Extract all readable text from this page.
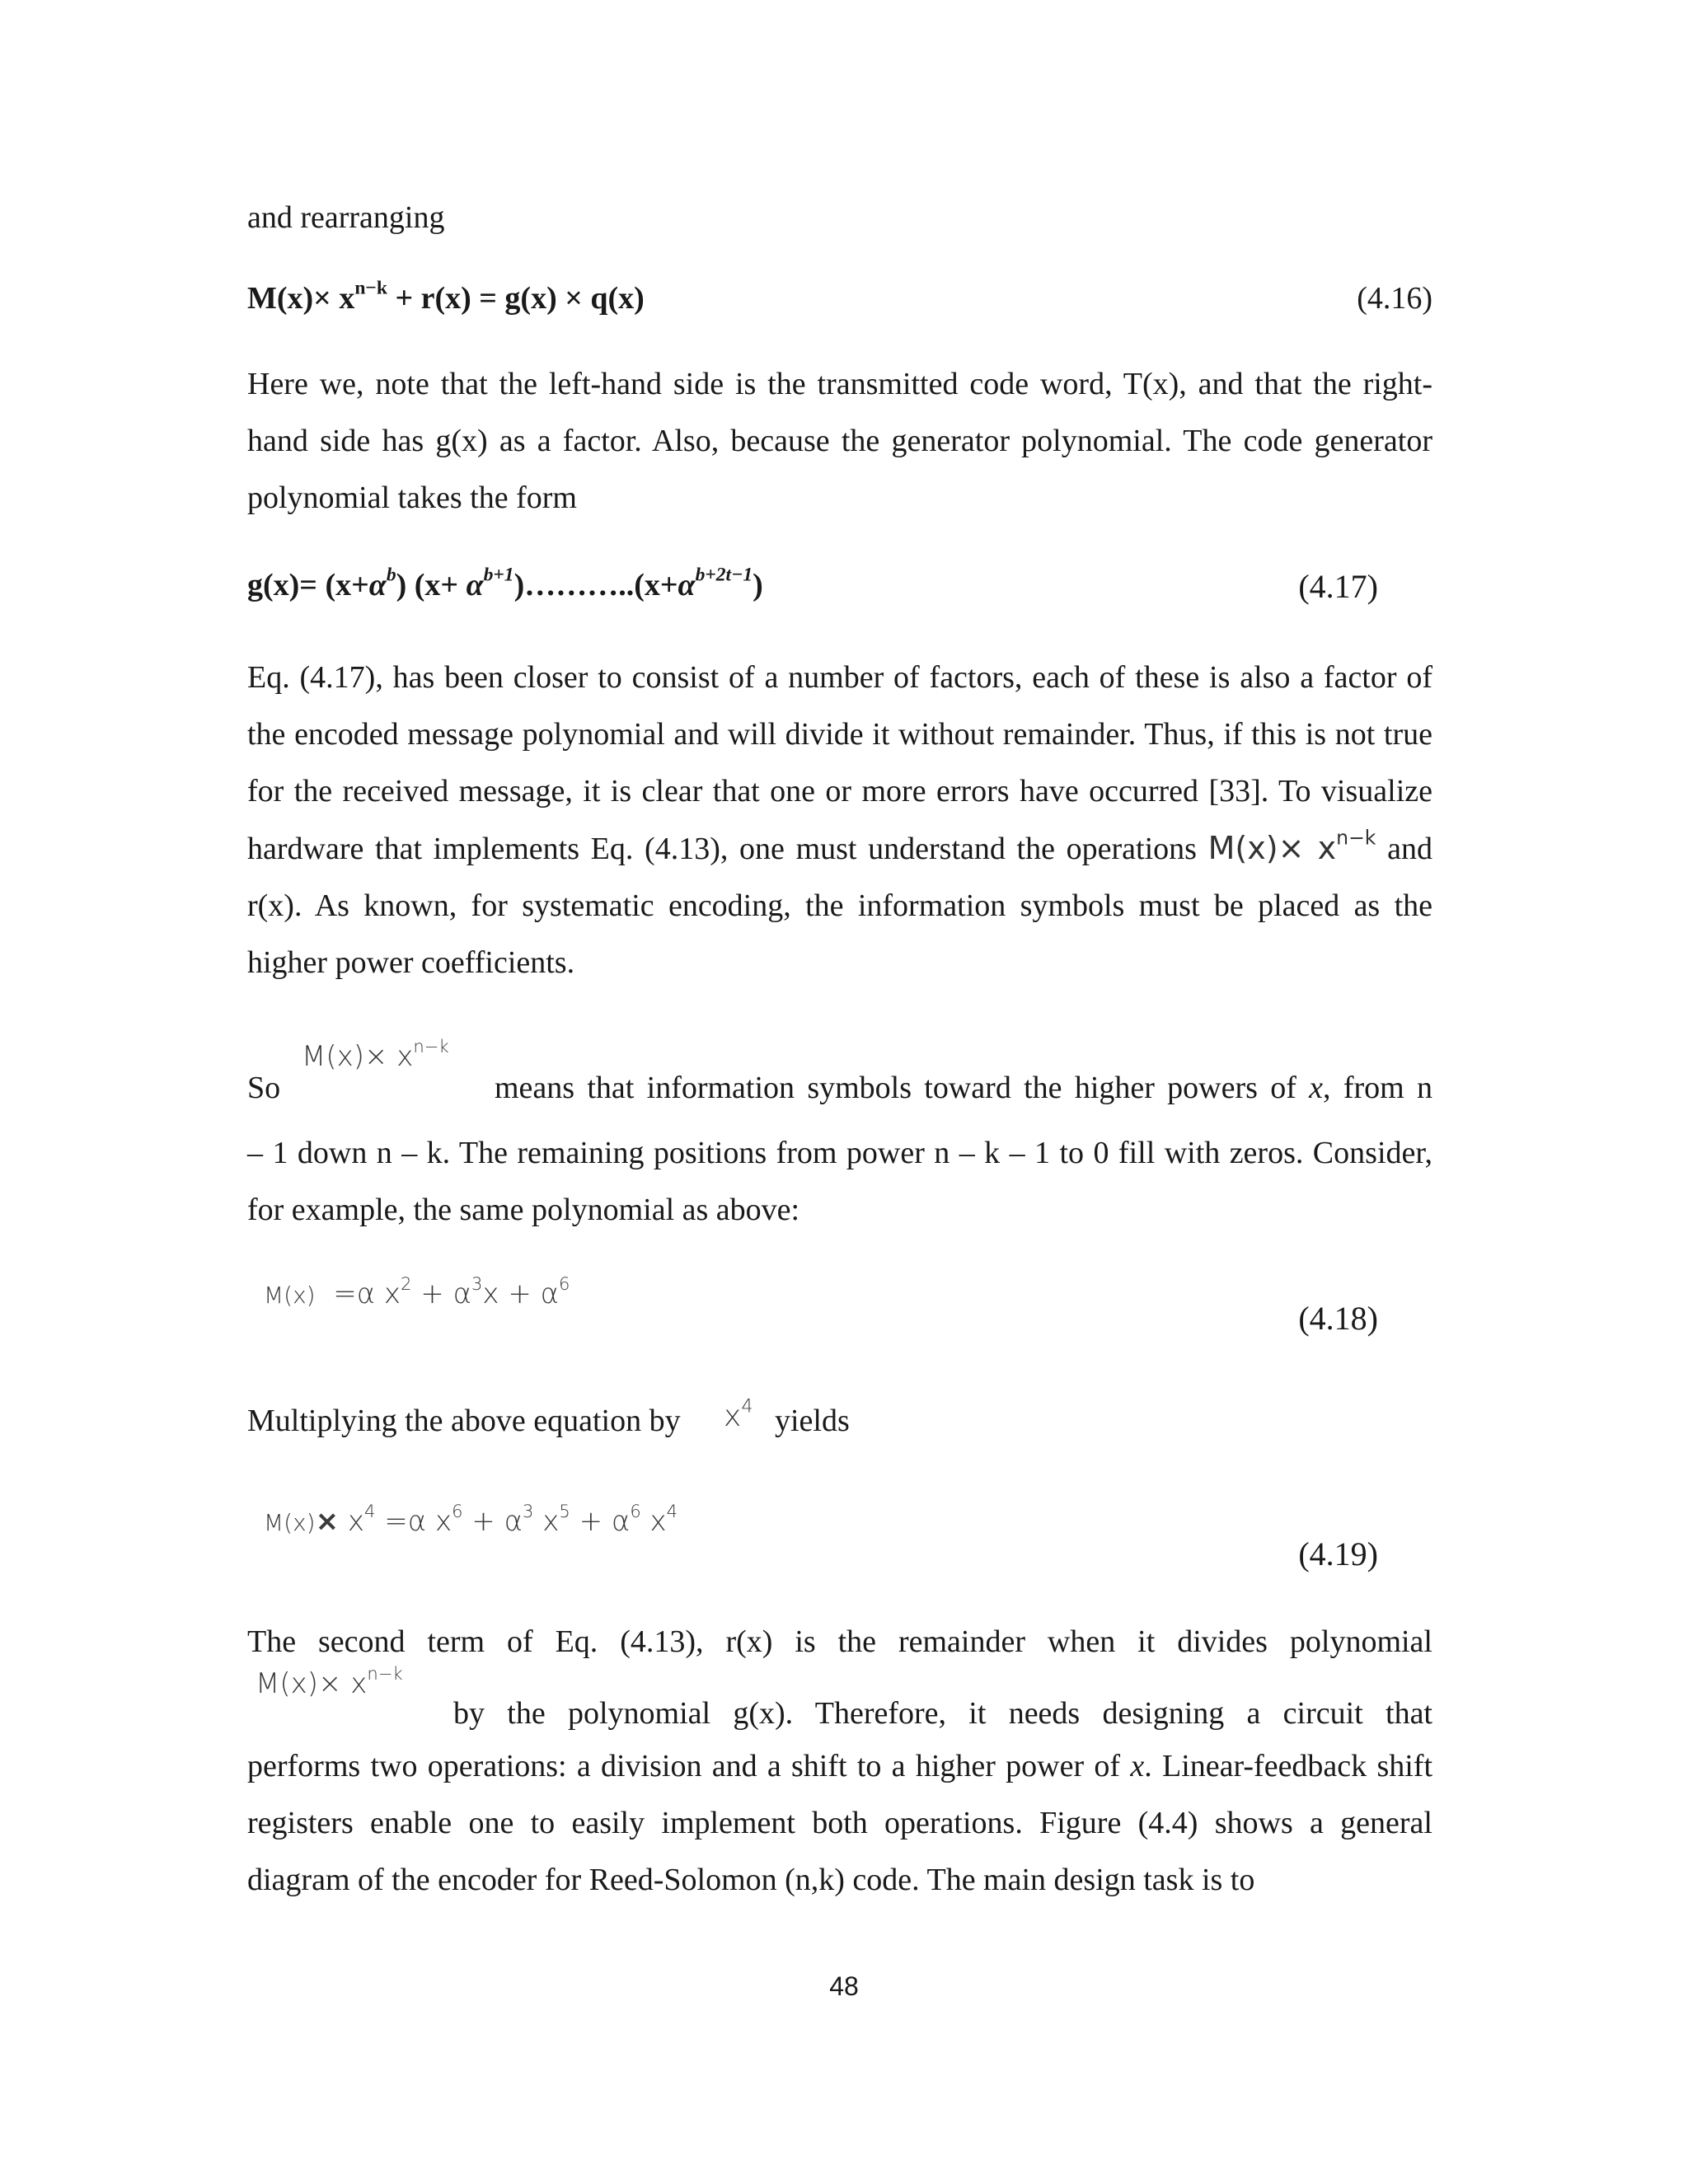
and rearranging

$M(x)\times x^{n-k} + r(x) = g(x) \times q(x)$	(4.16)

Here we, note that the left-hand side is the transmitted code word, T(x), and that the right-hand side has g(x) as a factor. Also, because the generator polynomial. The code generator polynomial takes the form

$g(x)= (x+\alpha^b)$ $(x+ \alpha^{b+1})\dots\dots\dots..(x+\alpha^{b+2t-1})$	(4.17)

Eq. (4.17), has been closer to consist of a number of factors, each of these is also a factor of the encoded message polynomial and will divide it without remainder. Thus, if this is not true for the received message, it is clear that one or more errors have occurred [33]. To visualize hardware that implements Eq. (4.13), one must understand the operations $M(x)\times x^{n-k}$ and r(x). As known, for systematic encoding, the information symbols must be placed as the higher power coefficients.

So
$M(x)\times x^{n-k}$
means that information symbols toward the higher powers of x, from n

– 1 down n – k. The remaining positions from power n – k – 1 to 0 fill with zeros. Consider, for example, the same polynomial as above:

M(x) =α $x^2 + \alpha^3x + \alpha^6$
(4.18)
Multiplying the above equation by $x^4$ yields
$M(x)\times x^4 =\alpha$ $x^6 + \alpha^3$ $x^5 + \alpha^6$ $x^4$
(4.19)

The second term of Eq. (4.13), r(x) is the remainder when it divides polynomial

$M(x)\times x^{n-k}$
by the polynomial g(x). Therefore, it needs designing a circuit that

performs two operations: a division and a shift to a higher power of x. Linear-feedback shift registers enable one to easily implement both operations. Figure (4.4) shows a general diagram of the encoder for Reed-Solomon (n,k) code. The main design task is to

48
